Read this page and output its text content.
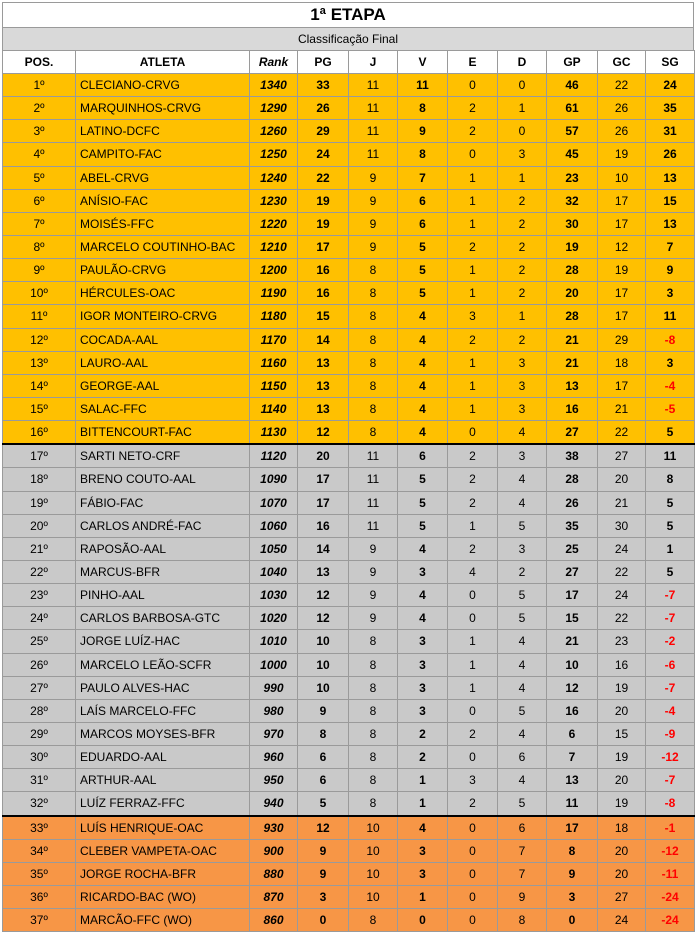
1ª ETAPA
Classificação Final
POS.	ATLETA	Rank	PG	J	V	E	D	GP	GC	SG
1º	CLECIANO-CRVG	1340	33	11	11	0	0	46	22	24
2º	MARQUINHOS-CRVG	1290	26	11	8	2	1	61	26	35
3º	LATINO-DCFC	1260	29	11	9	2	0	57	26	31
4º	CAMPITO-FAC	1250	24	11	8	0	3	45	19	26
5º	ABEL-CRVG	1240	22	9	7	1	1	23	10	13
6º	ANÍSIO-FAC	1230	19	9	6	1	2	32	17	15
7º	MOISÉS-FFC	1220	19	9	6	1	2	30	17	13
8º	MARCELO COUTINHO-BAC	1210	17	9	5	2	2	19	12	7
9º	PAULÃO-CRVG	1200	16	8	5	1	2	28	19	9
10º	HÉRCULES-OAC	1190	16	8	5	1	2	20	17	3
11º	IGOR MONTEIRO-CRVG	1180	15	8	4	3	1	28	17	11
12º	COCADA-AAL	1170	14	8	4	2	2	21	29	-8
13º	LAURO-AAL	1160	13	8	4	1	3	21	18	3
14º	GEORGE-AAL	1150	13	8	4	1	3	13	17	-4
15º	SALAC-FFC	1140	13	8	4	1	3	16	21	-5
16º	BITTENCOURT-FAC	1130	12	8	4	0	4	27	22	5
17º	SARTI NETO-CRF	1120	20	11	6	2	3	38	27	11
18º	BRENO COUTO-AAL	1090	17	11	5	2	4	28	20	8
19º	FÁBIO-FAC	1070	17	11	5	2	4	26	21	5
20º	CARLOS ANDRÉ-FAC	1060	16	11	5	1	5	35	30	5
21º	RAPOSÃO-AAL	1050	14	9	4	2	3	25	24	1
22º	MARCUS-BFR	1040	13	9	3	4	2	27	22	5
23º	PINHO-AAL	1030	12	9	4	0	5	17	24	-7
24º	CARLOS BARBOSA-GTC	1020	12	9	4	0	5	15	22	-7
25º	JORGE LUÍZ-HAC	1010	10	8	3	1	4	21	23	-2
26º	MARCELO LEÃO-SCFR	1000	10	8	3	1	4	10	16	-6
27º	PAULO ALVES-HAC	990	10	8	3	1	4	12	19	-7
28º	LAÍS MARCELO-FFC	980	9	8	3	0	5	16	20	-4
29º	MARCOS MOYSES-BFR	970	8	8	2	2	4	6	15	-9
30º	EDUARDO-AAL	960	6	8	2	0	6	7	19	-12
31º	ARTHUR-AAL	950	6	8	1	3	4	13	20	-7
32º	LUÍZ FERRAZ-FFC	940	5	8	1	2	5	11	19	-8
33º	LUÍS HENRIQUE-OAC	930	12	10	4	0	6	17	18	-1
34º	CLEBER VAMPETA-OAC	900	9	10	3	0	7	8	20	-12
35º	JORGE ROCHA-BFR	880	9	10	3	0	7	9	20	-11
36º	RICARDO-BAC (WO)	870	3	10	1	0	9	3	27	-24
37º	MARCÃO-FFC (WO)	860	0	8	0	0	8	0	24	-24
